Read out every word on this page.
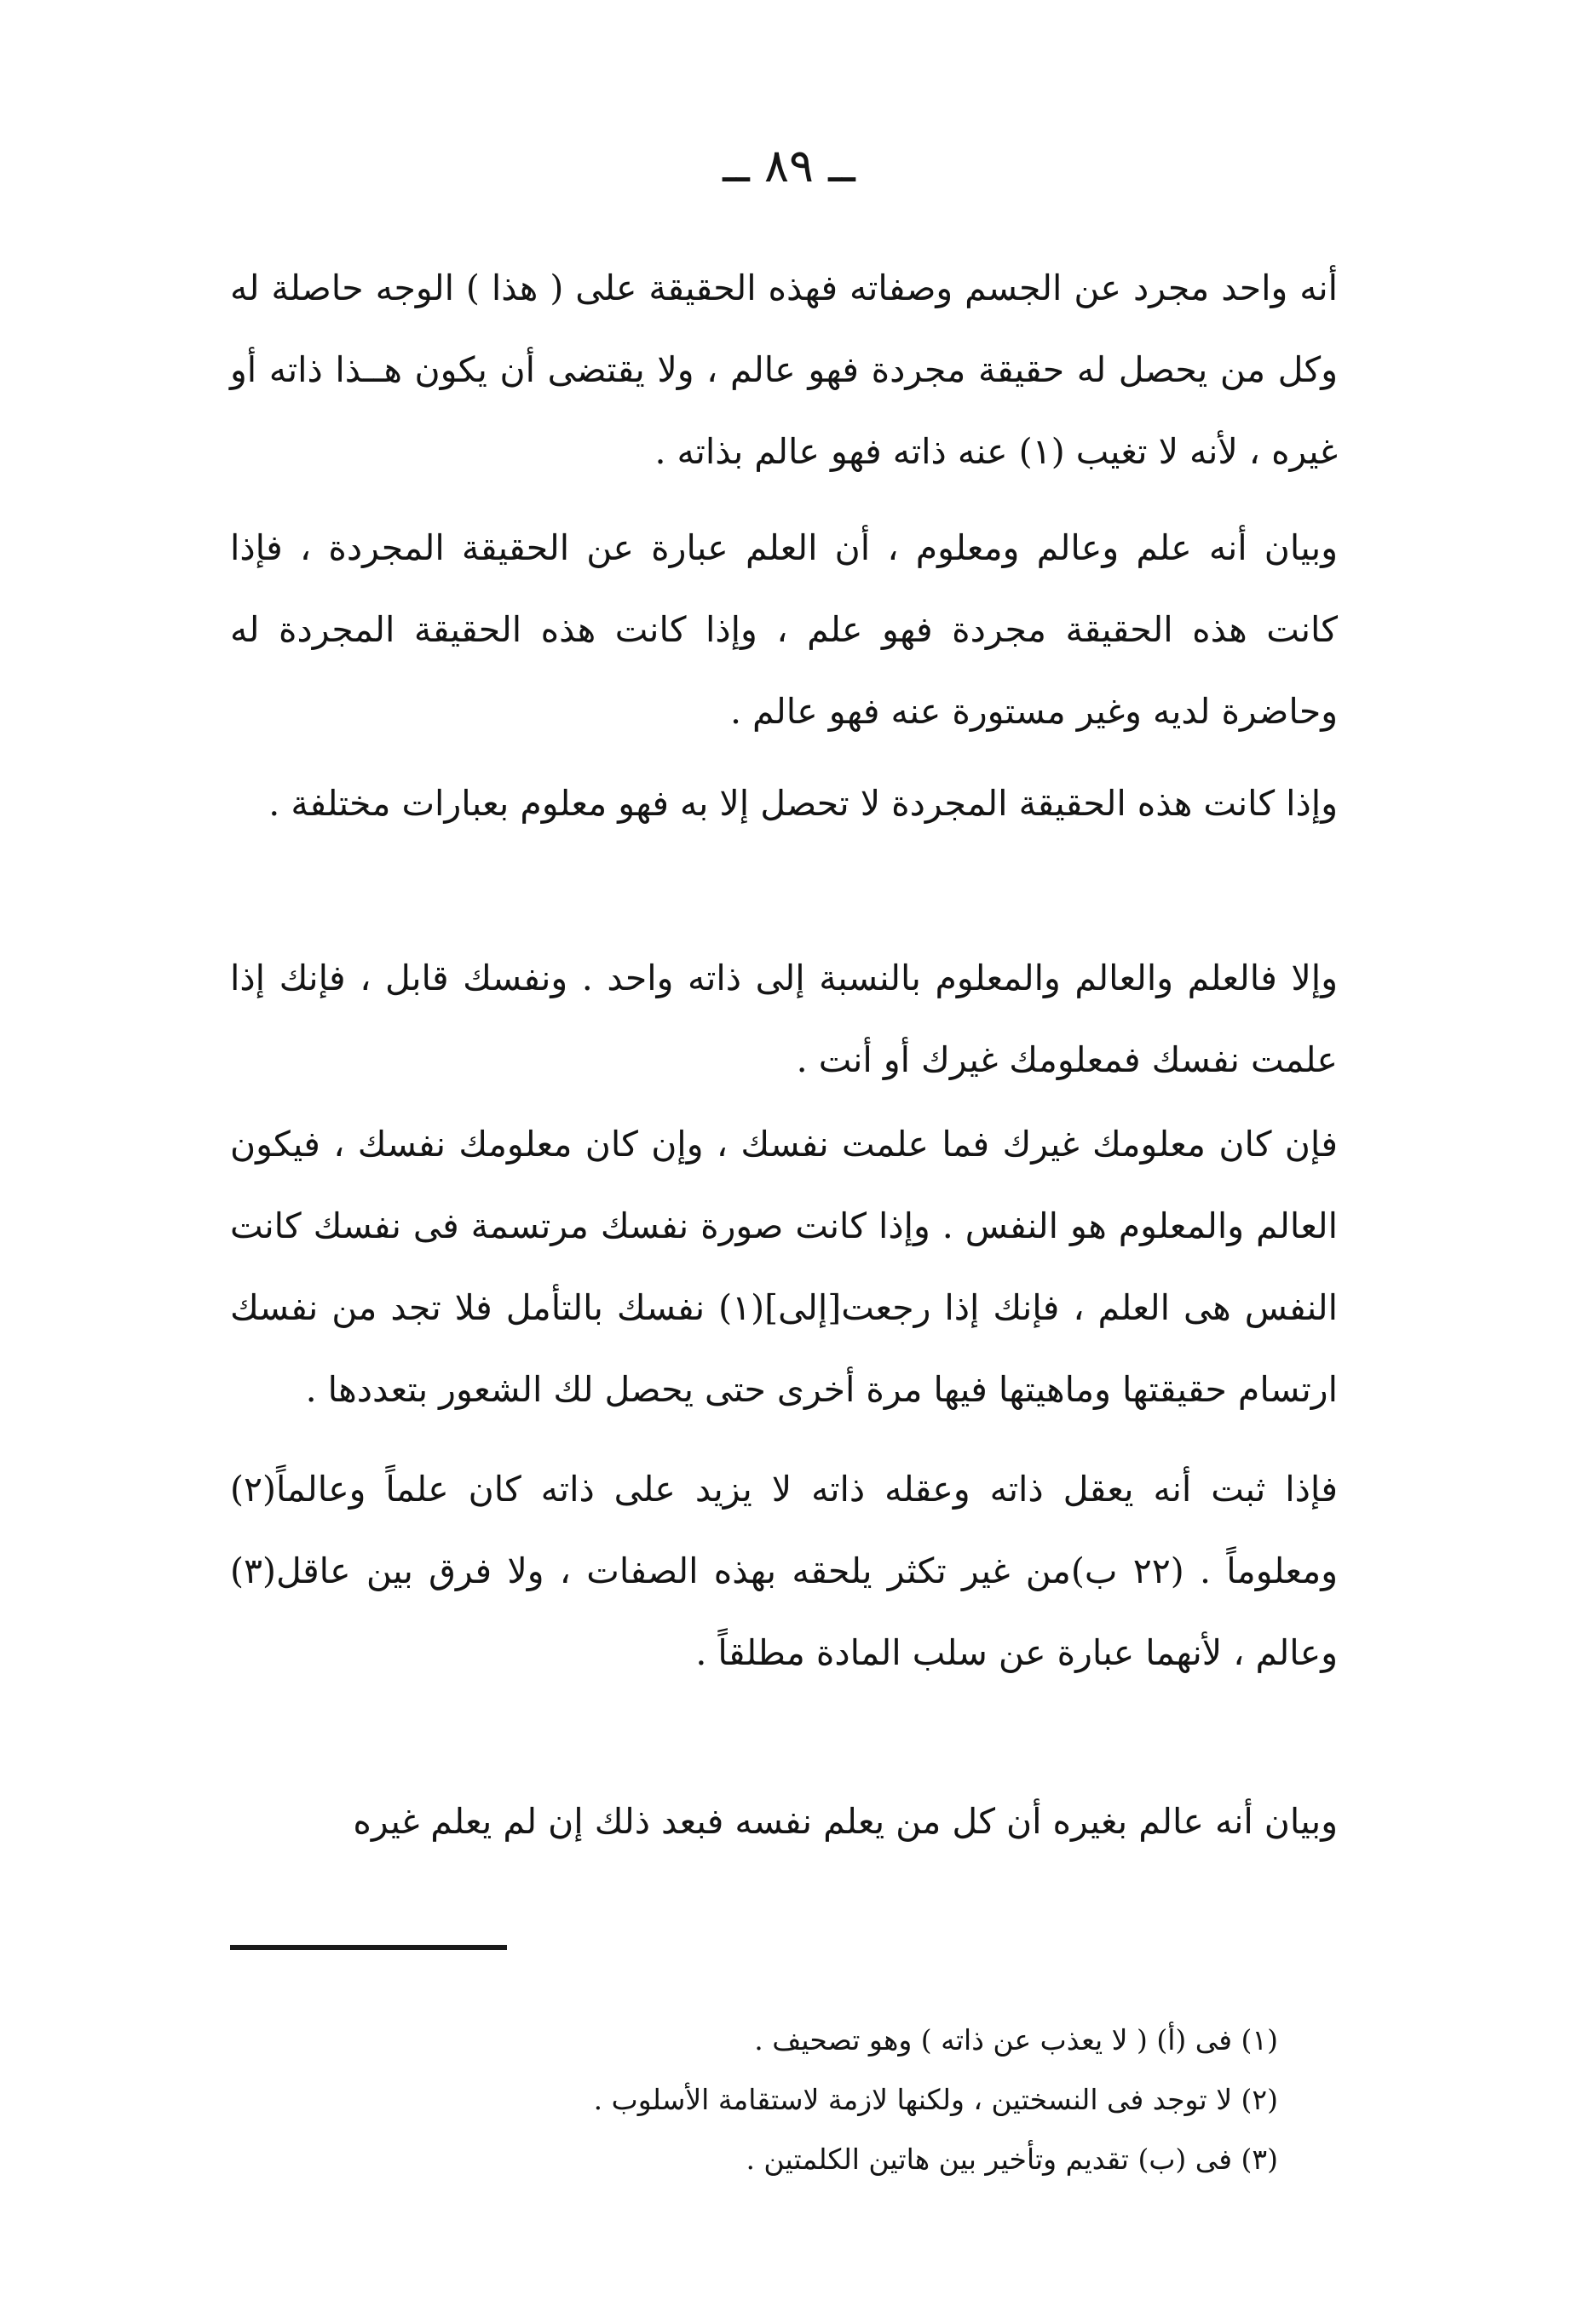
ــ ٨٩ ــ

أنه واحد مجرد عن الجسم وصفاته فهذه الحقيقة على ( هذا ) الوجه حاصلة له وكل من يحصل له حقيقة مجردة فهو عالم ، ولا يقتضى أن يكون هــذا ذاته أو غيره ، لأنه لا تغيب (١) عنه ذاته فهو عالم بذاته .

وبيان أنه علم وعالم ومعلوم ، أن العلم عبارة عن الحقيقة المجردة ، فإذا كانت هذه الحقيقة مجردة فهو علم ، وإذا كانت هذه الحقيقة المجردة له وحاضرة لديه وغير مستورة عنه فهو عالم .

وإذا كانت هذه الحقيقة المجردة لا تحصل إلا به فهو معلوم بعبارات مختلفة .

وإلا فالعلم والعالم والمعلوم بالنسبة إلى ذاته واحد . ونفسك قابل ، فإنك إذا علمت نفسك فمعلومك غيرك أو أنت .

فإن كان معلومك غيرك فما علمت نفسك ، وإن كان معلومك نفسك ، فيكون العالم والمعلوم هو النفس . وإذا كانت صورة نفسك مرتسمة فى نفسك كانت النفس هى العلم ، فإنك إذا رجعت[إلى](١) نفسك بالتأمل فلا تجد من نفسك ارتسام حقيقتها وماهيتها فيها مرة أخرى حتى يحصل لك الشعور بتعددها .

فإذا ثبت أنه يعقل ذاته وعقله ذاته لا يزيد على ذاته كان علماً وعالماً(٢) ومعلوماً . (٢٢ ب)من غير تكثر يلحقه بهذه الصفات ، ولا فرق بين عاقل(٣) وعالم ، لأنهما عبارة عن سلب المادة مطلقاً .

وبيان أنه عالم بغيره أن كل من يعلم نفسه فبعد ذلك إن لم يعلم غيره

(١) فى (أ) ( لا يعذب عن ذاته ) وهو تصحيف .

(٢) لا توجد فى النسختين ، ولكنها لازمة لاستقامة الأسلوب .

(٣) فى (ب) تقديم وتأخير بين هاتين الكلمتين .
